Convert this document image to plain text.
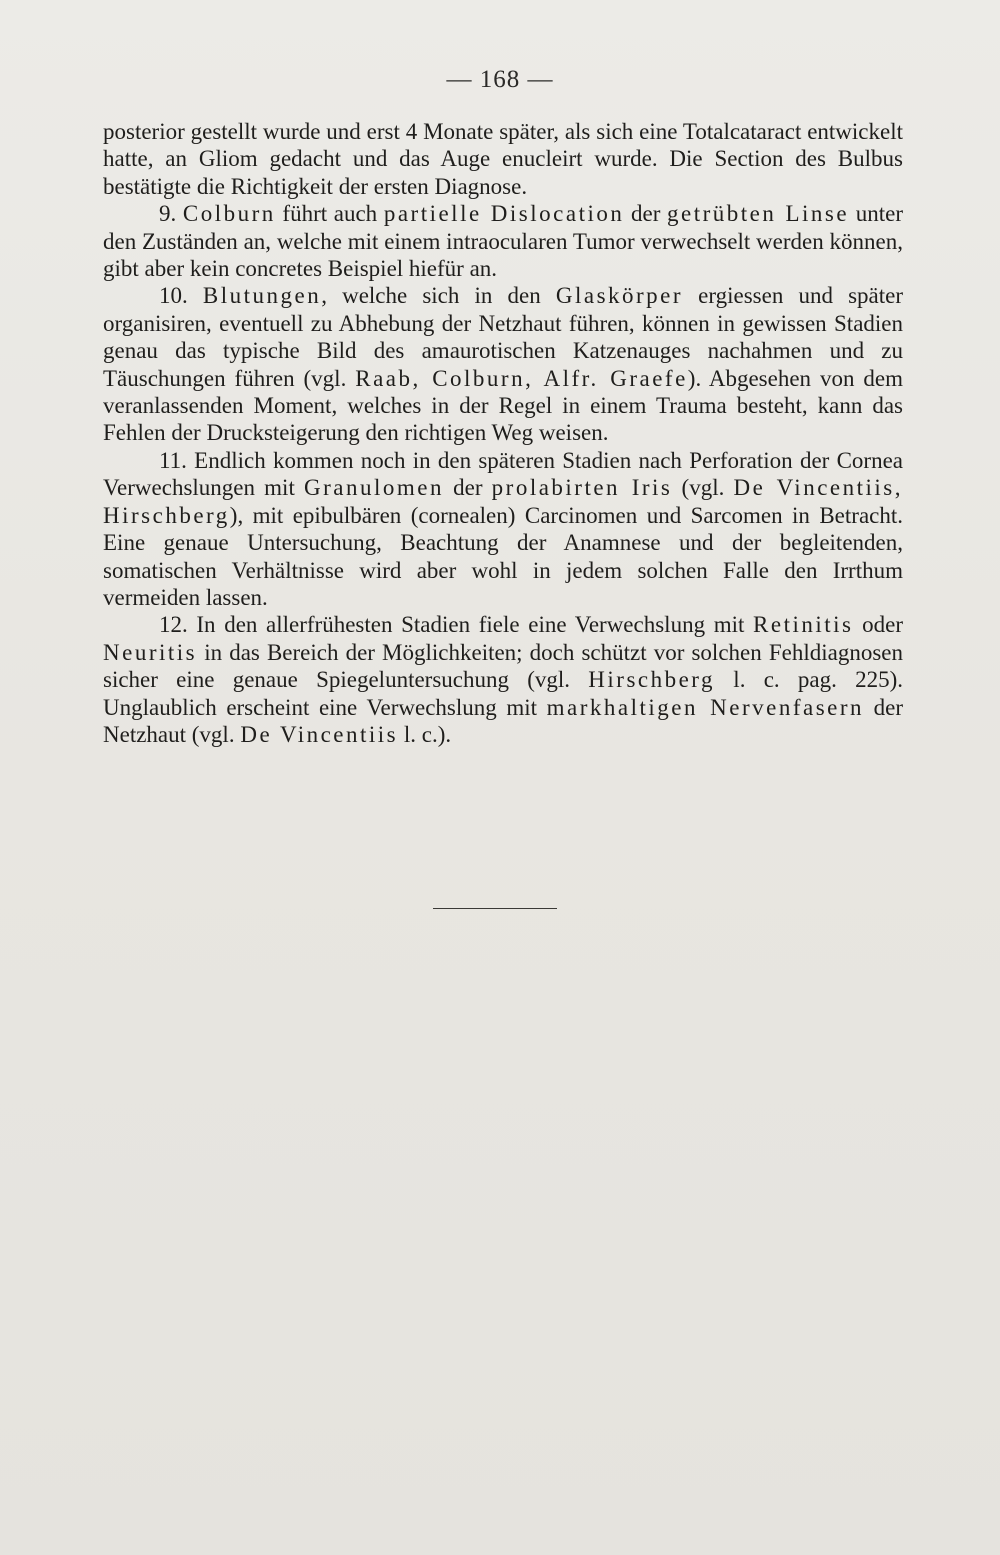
— 168 —

posterior gestellt wurde und erst 4 Monate später, als sich eine Totalcataract entwickelt hatte, an Gliom gedacht und das Auge enucleirt wurde. Die Section des Bulbus bestätigte die Richtigkeit der ersten Diagnose.

9. Colburn führt auch partielle Dislocation der getrübten Linse unter den Zuständen an, welche mit einem intraocularen Tumor verwechselt werden können, gibt aber kein concretes Beispiel hiefür an.

10. Blutungen, welche sich in den Glaskörper ergiessen und später organisiren, eventuell zu Abhebung der Netzhaut führen, können in gewissen Stadien genau das typische Bild des amaurotischen Katzenauges nachahmen und zu Täuschungen führen (vgl. Raab, Colburn, Alfr. Graefe). Abgesehen von dem veranlassenden Moment, welches in der Regel in einem Trauma besteht, kann das Fehlen der Drucksteigerung den richtigen Weg weisen.

11. Endlich kommen noch in den späteren Stadien nach Perforation der Cornea Verwechslungen mit Granulomen der prolabirten Iris (vgl. De Vincentiis, Hirschberg), mit epibulbären (cornealen) Carcinomen und Sarcomen in Betracht. Eine genaue Untersuchung, Beachtung der Anamnese und der begleitenden, somatischen Verhältnisse wird aber wohl in jedem solchen Falle den Irrthum vermeiden lassen.

12. In den allerfrühesten Stadien fiele eine Verwechslung mit Retinitis oder Neuritis in das Bereich der Möglichkeiten; doch schützt vor solchen Fehldiagnosen sicher eine genaue Spiegeluntersuchung (vgl. Hirschberg l. c. pag. 225). Unglaublich erscheint eine Verwechslung mit markhaltigen Nervenfasern der Netzhaut (vgl. De Vincentiis l. c.).
